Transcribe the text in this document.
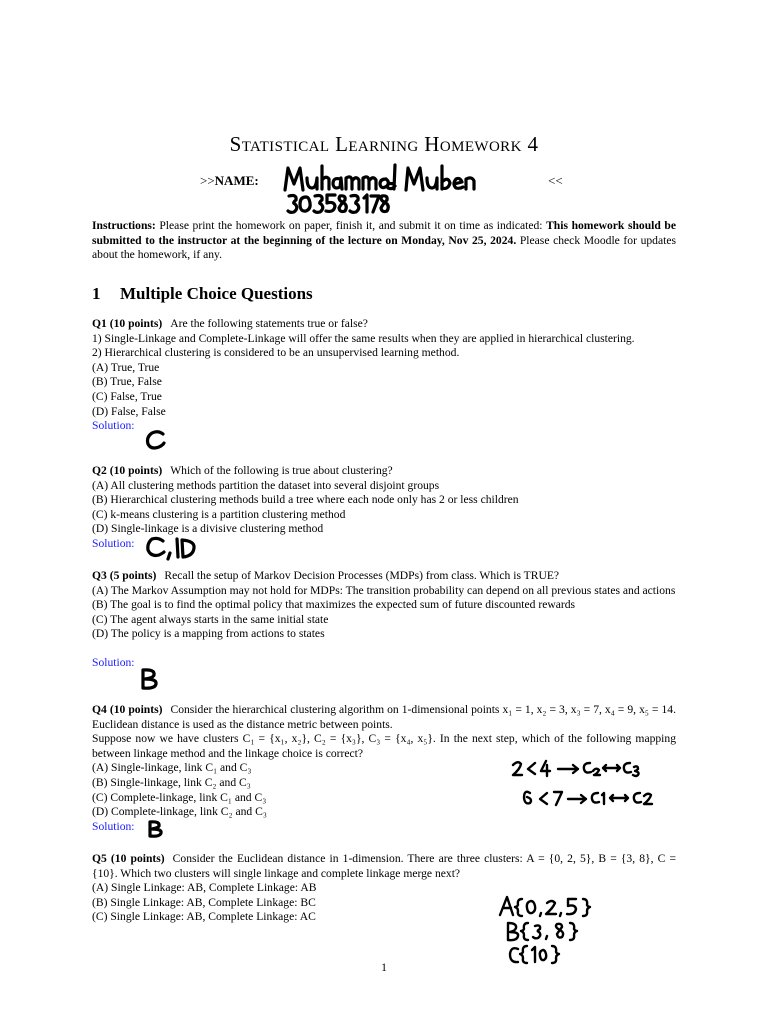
Statistical Learning Homework 4
>>NAME:	<<
Instructions: Please print the homework on paper, finish it, and submit it on time as indicated: This homework should be submitted to the instructor at the beginning of the lecture on Monday, Nov 25, 2024. Please check Moodle for updates about the homework, if any.
1 Multiple Choice Questions

Q1 (10 points) Are the following statements true or false?

1) Single-Linkage and Complete-Linkage will offer the same results when they are applied in hierarchical clustering.

2) Hierarchical clustering is considered to be an unsupervised learning method.

(A) True, True

(B) True, False

(C) False, True

(D) False, False

Solution:

Q2 (10 points) Which of the following is true about clustering?

(A) All clustering methods partition the dataset into several disjoint groups

(B) Hierarchical clustering methods build a tree where each node only has 2 or less children

(C) k-means clustering is a partition clustering method

(D) Single-linkage is a divisive clustering method

Solution:

Q3 (5 points) Recall the setup of Markov Decision Processes (MDPs) from class. Which is TRUE?

(A) The Markov Assumption may not hold for MDPs: The transition probability can depend on all previous states and actions

(B) The goal is to find the optimal policy that maximizes the expected sum of future discounted rewards

(C) The agent always starts in the same initial state

(D) The policy is a mapping from actions to states

Solution:

Q4 (10 points) Consider the hierarchical clustering algorithm on 1-dimensional points x₁ = 1, x₂ = 3, x₃ = 7, x₄ = 9, x₅ = 14. Euclidean distance is used as the distance metric between points.

Suppose now we have clusters C₁ = {x₁, x₂}, C₂ = {x₃}, C₃ = {x₄, x₅}. In the next step, which of the following mapping between linkage method and the linkage choice is correct?

(A) Single-linkage, link C₁ and C₃

(B) Single-linkage, link C₂ and C₃

(C) Complete-linkage, link C₁ and C₃

(D) Complete-linkage, link C₂ and C₃

Solution:

Q5 (10 points) Consider the Euclidean distance in 1-dimension. There are three clusters: A = {0, 2, 5}, B = {3, 8}, C = {10}. Which two clusters will single linkage and complete linkage merge next?

(A) Single Linkage: AB, Complete Linkage: AB

(B) Single Linkage: AB, Complete Linkage: BC

(C) Single Linkage: AB, Complete Linkage: AC

1
